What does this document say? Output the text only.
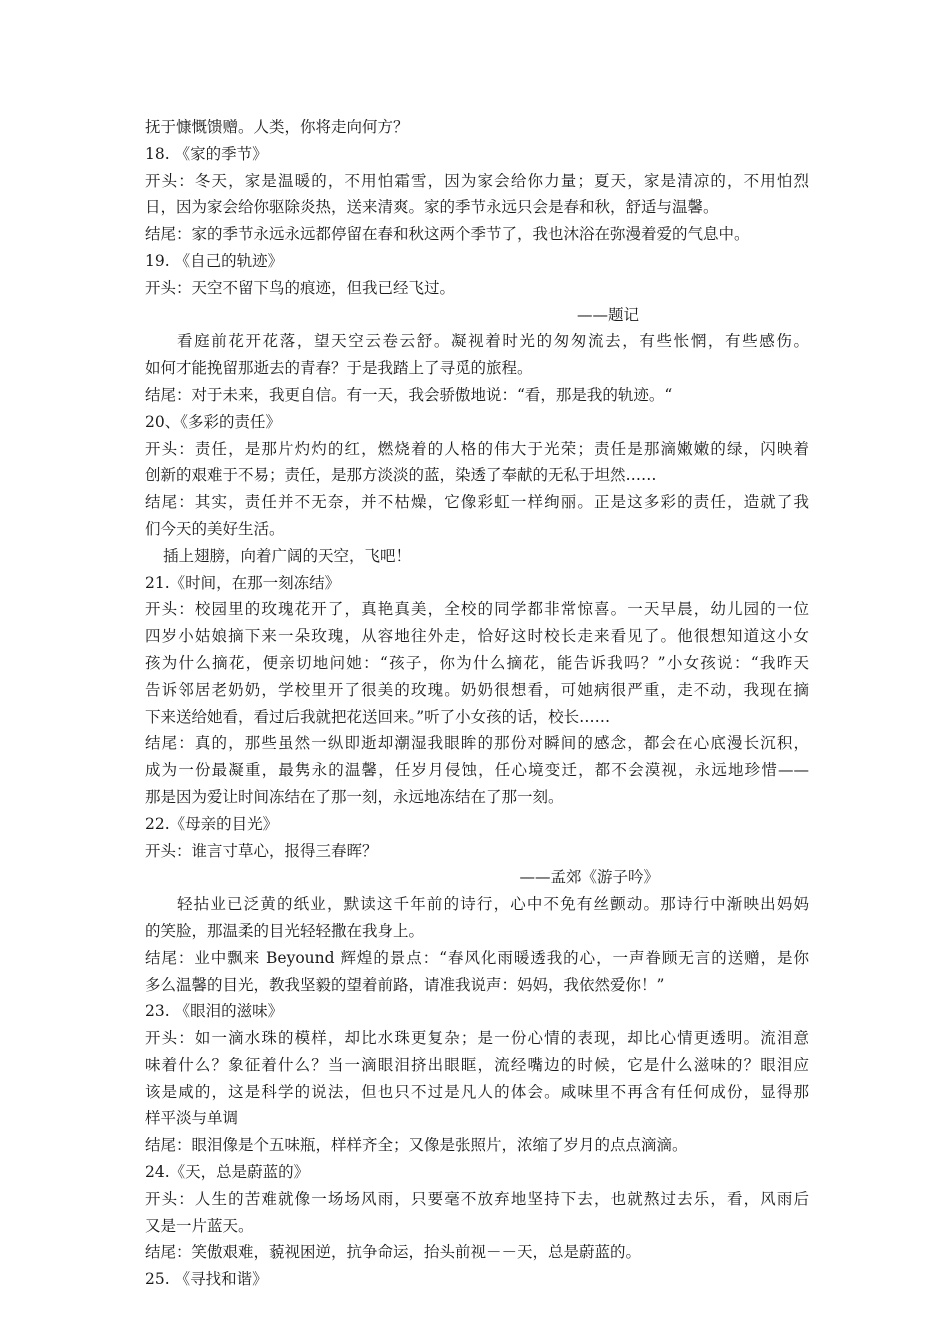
抚于慷慨馈赠。人类，你将走向何方？
18. 《家的季节》
开头：冬天，家是温暖的，不用怕霜雪，因为家会给你力量；夏天，家是清凉的，不用怕烈
日，因为家会给你驱除炎热，送来清爽。家的季节永远只会是春和秋，舒适与温馨。
结尾：家的季节永远永远都停留在春和秋这两个季节了，我也沐浴在弥漫着爱的气息中。
19. 《自己的轨迹》
开头：天空不留下鸟的痕迹，但我已经飞过。
——题记
看庭前花开花落，望天空云卷云舒。凝视着时光的匆匆流去，有些怅惘，有些感伤。
如何才能挽留那逝去的青春？于是我踏上了寻觅的旅程。
结尾：对于未来，我更自信。有一天，我会骄傲地说：“看，那是我的轨迹。“
20、《多彩的责任》
开头：责任，是那片灼灼的红，燃烧着的人格的伟大于光荣；责任是那滴嫩嫩的绿，闪映着
创新的艰难于不易；责任，是那方淡淡的蓝，染透了奉献的无私于坦然……
结尾：其实，责任并不无奈，并不枯燥，它像彩虹一样绚丽。正是这多彩的责任，造就了我
们今天的美好生活。
插上翅膀，向着广阔的天空，飞吧！
21.《时间，在那一刻冻结》
开头：校园里的玫瑰花开了，真艳真美，全校的同学都非常惊喜。一天早晨，幼儿园的一位
四岁小姑娘摘下来一朵玫瑰，从容地往外走，恰好这时校长走来看见了。他很想知道这小女
孩为什么摘花，便亲切地问她：“孩子，你为什么摘花，能告诉我吗？”小女孩说：“我昨天
告诉邻居老奶奶，学校里开了很美的玫瑰。奶奶很想看，可她病很严重，走不动，我现在摘
下来送给她看，看过后我就把花送回来。”听了小女孩的话，校长……
结尾：真的，那些虽然一纵即逝却潮湿我眼眸的那份对瞬间的感念，都会在心底漫长沉积，
成为一份最凝重，最隽永的温馨，任岁月侵蚀，任心境变迁，都不会漠视，永远地珍惜——
那是因为爱让时间冻结在了那一刻，永远地冻结在了那一刻。
22.《母亲的目光》
开头：谁言寸草心，报得三春晖？
——孟郊《游子吟》
轻拈业已泛黄的纸业，默读这千年前的诗行，心中不免有丝颤动。那诗行中渐映出妈妈
的笑脸，那温柔的目光轻轻撒在我身上。
结尾：业中飘来 Beyound 辉煌的景点：“春风化雨暖透我的心，一声眷顾无言的送赠，是你
多么温馨的目光，教我坚毅的望着前路，请准我说声：妈妈，我依然爱你！”
23. 《眼泪的滋味》
开头：如一滴水珠的模样，却比水珠更复杂；是一份心情的表现，却比心情更透明。流泪意
味着什么？象征着什么？当一滴眼泪挤出眼眶，流经嘴边的时候，它是什么滋味的？眼泪应
该是咸的，这是科学的说法，但也只不过是凡人的体会。咸味里不再含有任何成份，显得那
样平淡与单调
结尾：眼泪像是个五味瓶，样样齐全；又像是张照片，浓缩了岁月的点点滴滴。
24.《天，总是蔚蓝的》
开头：人生的苦难就像一场场风雨，只要毫不放弃地坚持下去，也就熬过去乐，看，风雨后
又是一片蓝天。
结尾：笑傲艰难，藐视困逆，抗争命运，抬头前视－－天，总是蔚蓝的。
25. 《寻找和谐》
